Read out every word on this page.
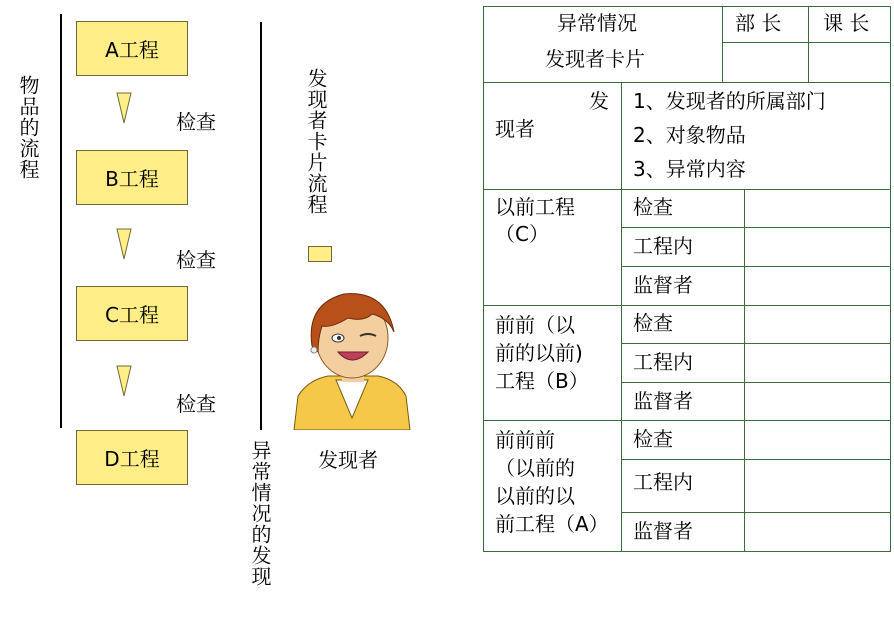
物品的流程
A工程
检查
B工程
检查
C工程
检查
D工程
发现者卡片流程
异常情况的发现 发现者
异常情况
发现者卡片
部 长 课 长
发
现者
1、发现者的所属部门
2、对象物品
3、异常内容
以前工程（C）
检查
工程内
监督者
前前（以
前的以前)
工程（B）
检查
工程内
监督者
前前前
（以前的
以前的以
前工程（A）
检查
工程内
监督者
